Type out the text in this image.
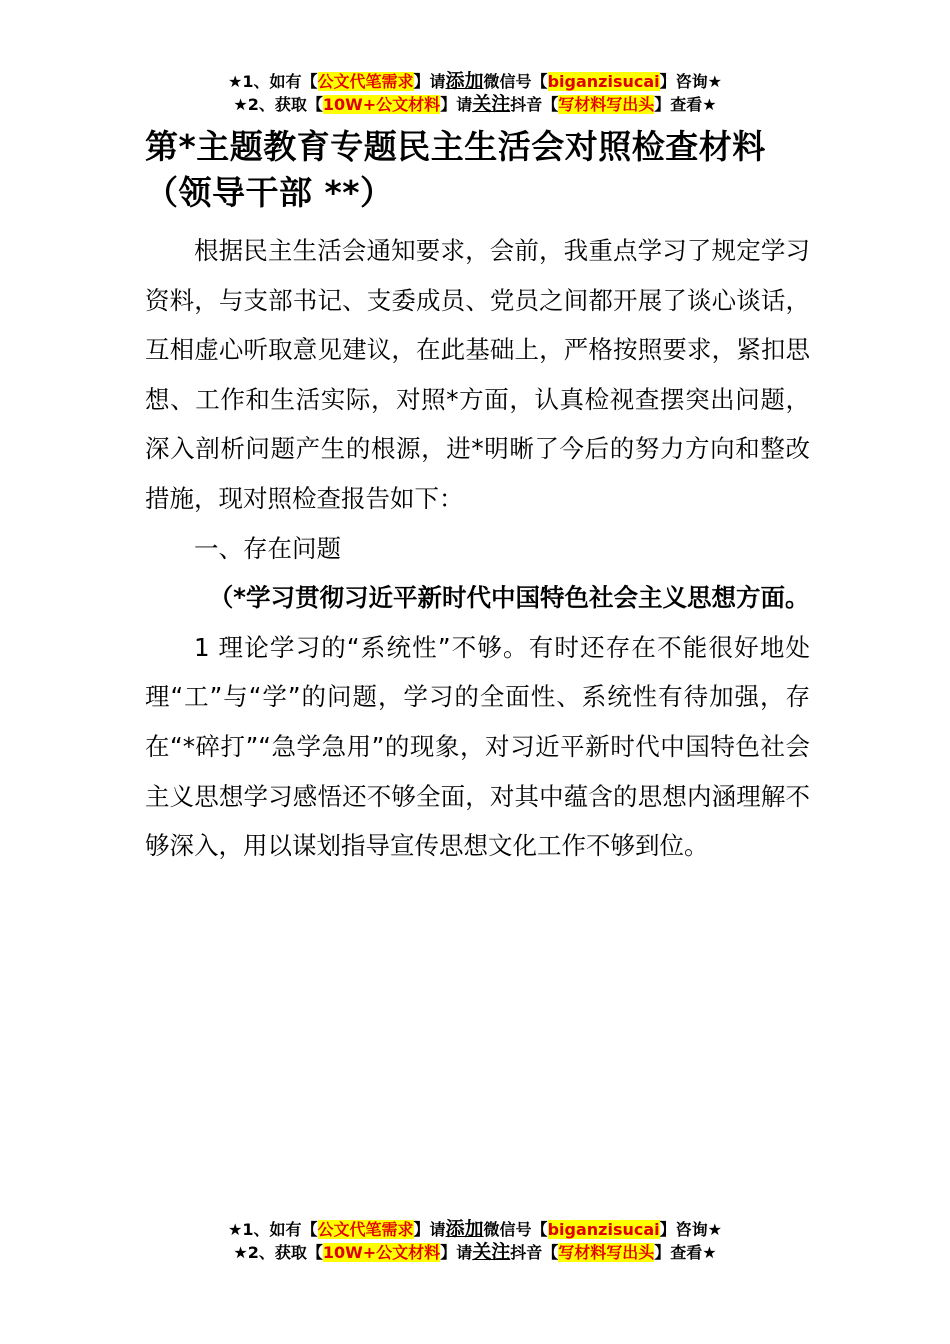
★1、如有【公文代笔需求】请添加微信号【biganzisucai】咨询★
★2、获取【10W+公文材料】请关注抖音【写材料写出头】查看★
第*主题教育专题民主生活会对照检查材料（领导干部 **）

根据民主生活会通知要求，会前，我重点学习了规定学习资料，与支部书记、支委成员、党员之间都开展了谈心谈话，互相虚心听取意见建议，在此基础上，严格按照要求，紧扣思想、工作和生活实际，对照*方面，认真检视查摆突出问题，深入剖析问题产生的根源，进*明晰了今后的努力方向和整改措施，现对照检查报告如下：

一、存在问题

（*学习贯彻习近平新时代中国特色社会主义思想方面。

1 理论学习的“系统性”不够。有时还存在不能很好地处理“工”与“学”的问题，学习的全面性、系统性有待加强，存在“*碎打”“急学急用”的现象，对习近平新时代中国特色社会主义思想学习感悟还不够全面，对其中蕴含的思想内涵理解不够深入，用以谋划指导宣传思想文化工作不够到位。

★1、如有【公文代笔需求】请添加微信号【biganzisucai】咨询★
★2、获取【10W+公文材料】请关注抖音【写材料写出头】查看★
